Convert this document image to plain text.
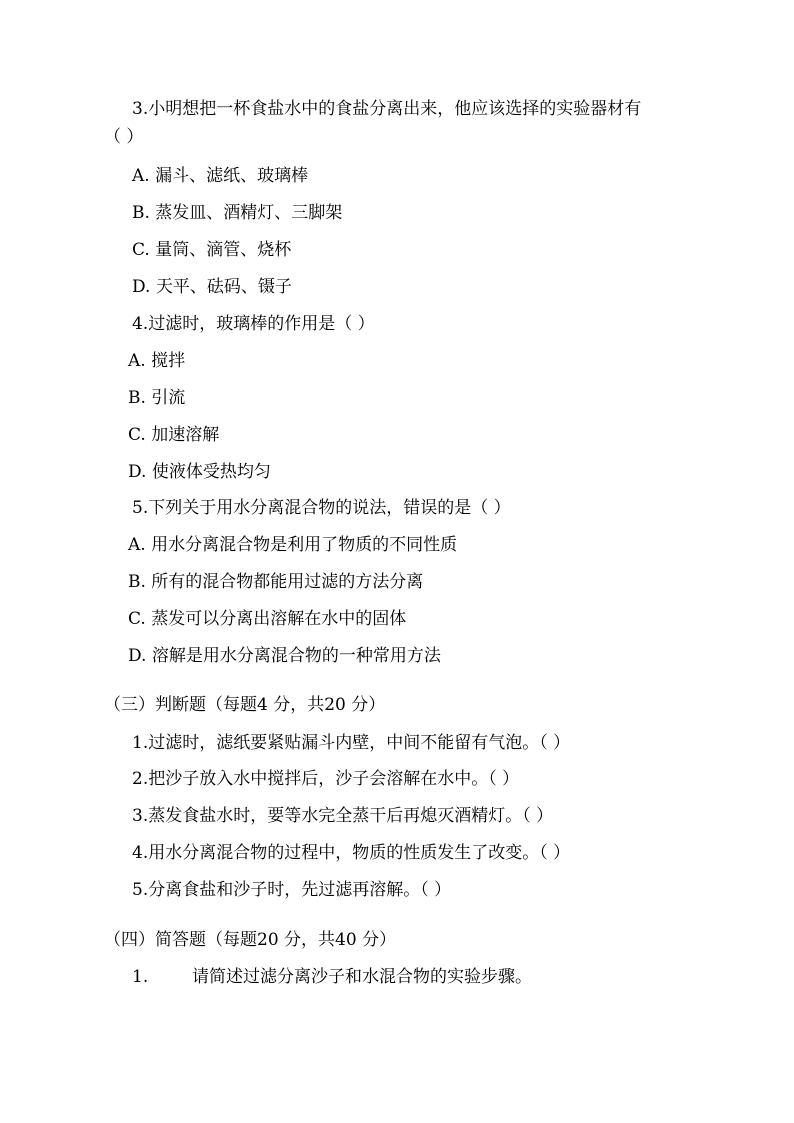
3.小明想把一杯食盐水中的食盐分离出来，他应该选择的实验器材有
（ ）
A. 漏斗、滤纸、玻璃棒
B. 蒸发皿、酒精灯、三脚架
C. 量筒、滴管、烧杯
D. 天平、砝码、镊子
4.过滤时，玻璃棒的作用是（ ）
A. 搅拌
B. 引流
C. 加速溶解
D. 使液体受热均匀
5.下列关于用水分离混合物的说法，错误的是（ ）
A. 用水分离混合物是利用了物质的不同性质
B. 所有的混合物都能用过滤的方法分离
C. 蒸发可以分离出溶解在水中的固体
D. 溶解是用水分离混合物的一种常用方法
（三）判断题（每题4 分，共20 分）
1.过滤时，滤纸要紧贴漏斗内壁，中间不能留有气泡。（ ）
2.把沙子放入水中搅拌后，沙子会溶解在水中。（ ）
3.蒸发食盐水时，要等水完全蒸干后再熄灭酒精灯。（ ）
4.用水分离混合物的过程中，物质的性质发生了改变。（ ）
5.分离食盐和沙子时，先过滤再溶解。（ ）
（四）简答题（每题20 分，共40 分）
1.	请简述过滤分离沙子和水混合物的实验步骤。
